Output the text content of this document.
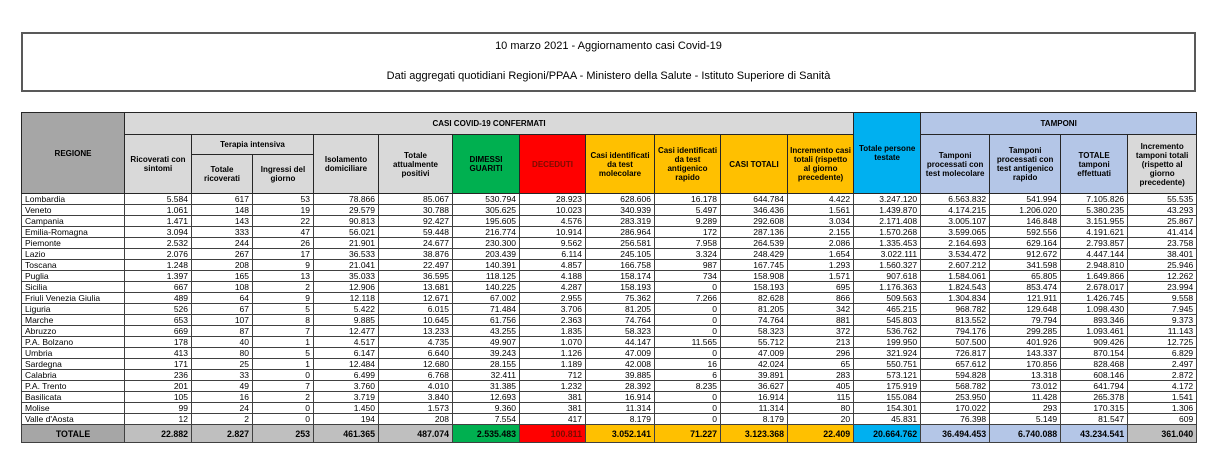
10 marzo 2021 - Aggiornamento casi Covid-19
Dati aggregati quotidiani Regioni/PPAA - Ministero della Salute - Istituto Superiore di Sanità
REGIONE	CASI COVID-19 CONFERMATI											Totale persone testate	TAMPONI			
	Ricoverati con sintomi	Terapia intensiva		Isolamento domiciliare	Totale attualmente positivi	DIMESSI GUARITI	DECEDUTI	Casi identificati da test molecolare	Casi identificati da test antigenico rapido	CASI TOTALI	Incremento casi totali (rispetto al giorno precedente)		Tamponi processati con test molecolare	Tamponi processati con test antigenico rapido	TOTALE tamponi effettuati	Incremento tamponi totali (rispetto al giorno precedente)
		Totale ricoverati	Ingressi del giorno													
Lombardia	5.584	617	53	78.866	85.067	530.794	28.923	628.606	16.178	644.784	4.422	3.247.120	6.563.832	541.994	7.105.826	55.535
Veneto	1.061	148	19	29.579	30.788	305.625	10.023	340.939	5.497	346.436	1.561	1.439.870	4.174.215	1.206.020	5.380.235	43.293
Campania	1.471	143	22	90.813	92.427	195.605	4.576	283.319	9.289	292.608	3.034	2.171.408	3.005.107	146.848	3.151.955	25.867
Emilia-Romagna	3.094	333	47	56.021	59.448	216.774	10.914	286.964	172	287.136	2.155	1.570.268	3.599.065	592.556	4.191.621	41.414
Piemonte	2.532	244	26	21.901	24.677	230.300	9.562	256.581	7.958	264.539	2.086	1.335.453	2.164.693	629.164	2.793.857	23.758
Lazio	2.076	267	17	36.533	38.876	203.439	6.114	245.105	3.324	248.429	1.654	3.022.111	3.534.472	912.672	4.447.144	38.401
Toscana	1.248	208	9	21.041	22.497	140.391	4.857	166.758	987	167.745	1.293	1.560.327	2.607.212	341.598	2.948.810	25.946
Puglia	1.397	165	13	35.033	36.595	118.125	4.188	158.174	734	158.908	1.571	907.618	1.584.061	65.805	1.649.866	12.262
Sicilia	667	108	2	12.906	13.681	140.225	4.287	158.193	0	158.193	695	1.176.363	1.824.543	853.474	2.678.017	23.994
Friuli Venezia Giulia	489	64	9	12.118	12.671	67.002	2.955	75.362	7.266	82.628	866	509.563	1.304.834	121.911	1.426.745	9.558
Liguria	526	67	5	5.422	6.015	71.484	3.706	81.205	0	81.205	342	465.215	968.782	129.648	1.098.430	7.945
Marche	653	107	8	9.885	10.645	61.756	2.363	74.764	0	74.764	881	545.803	813.552	79.794	893.346	9.373
Abruzzo	669	87	7	12.477	13.233	43.255	1.835	58.323	0	58.323	372	536.762	794.176	299.285	1.093.461	11.143
P.A. Bolzano	178	40	1	4.517	4.735	49.907	1.070	44.147	11.565	55.712	213	199.950	507.500	401.926	909.426	12.725
Umbria	413	80	5	6.147	6.640	39.243	1.126	47.009	0	47.009	296	321.924	726.817	143.337	870.154	6.829
Sardegna	171	25	1	12.484	12.680	28.155	1.189	42.008	16	42.024	65	550.751	657.612	170.856	828.468	2.497
Calabria	236	33	0	6.499	6.768	32.411	712	39.885	6	39.891	283	573.121	594.828	13.318	608.146	2.872
P.A. Trento	201	49	7	3.760	4.010	31.385	1.232	28.392	8.235	36.627	405	175.919	568.782	73.012	641.794	4.172
Basilicata	105	16	2	3.719	3.840	12.693	381	16.914	0	16.914	115	155.084	253.950	11.428	265.378	1.541
Molise	99	24	0	1.450	1.573	9.360	381	11.314	0	11.314	80	154.301	170.022	293	170.315	1.306
Valle d'Aosta	12	2	0	194	208	7.554	417	8.179	0	8.179	20	45.831	76.398	5.149	81.547	609
TOTALE	22.882	2.827	253	461.365	487.074	2.535.483	100.811	3.052.141	71.227	3.123.368	22.409	20.664.762	36.494.453	6.740.088	43.234.541	361.040
